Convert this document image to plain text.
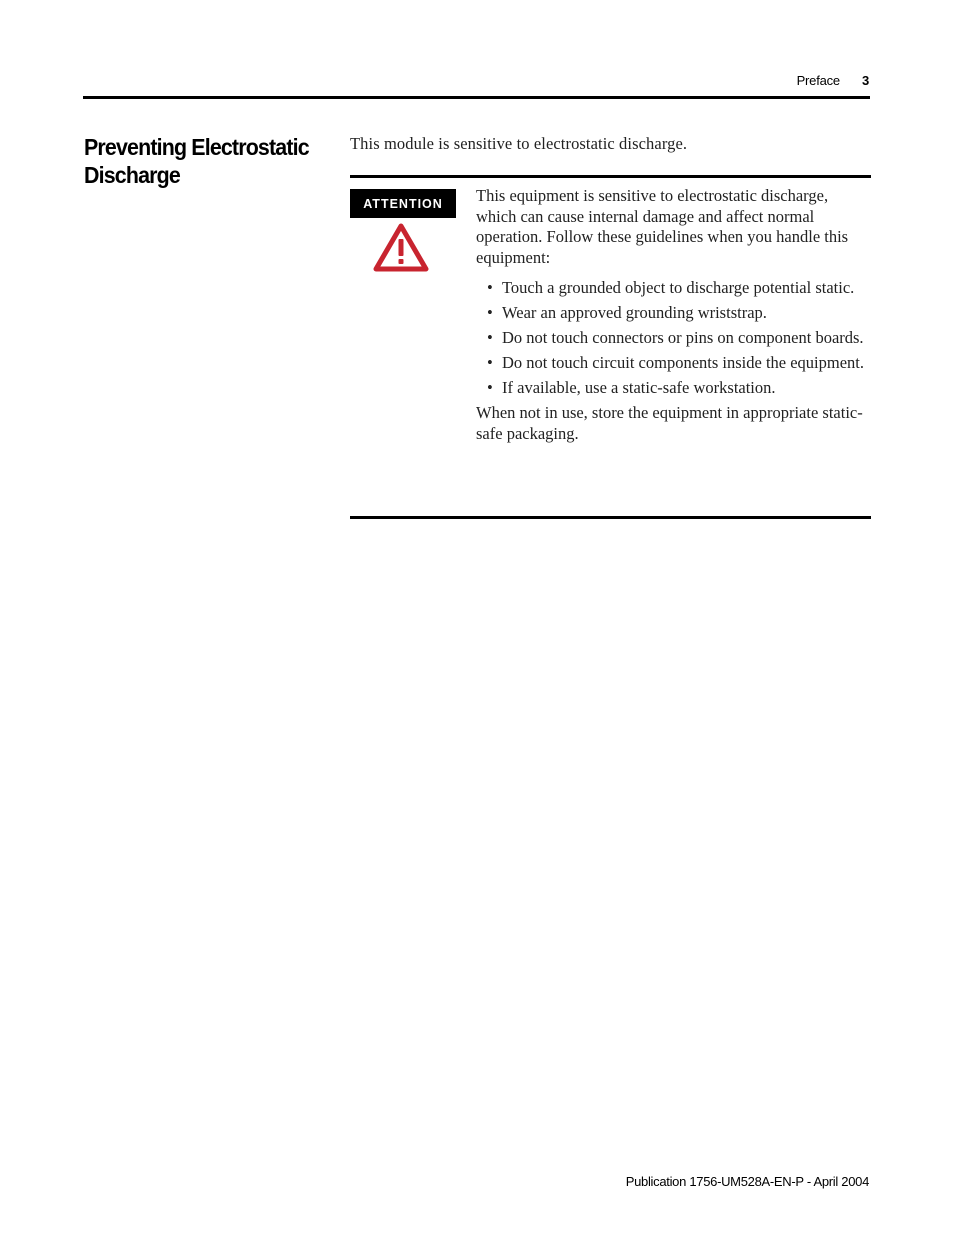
Preface 3
Preventing Electrostatic Discharge
This module is sensitive to electrostatic discharge.
ATTENTION	This equipment is sensitive to electrostatic discharge, which can cause internal damage and affect normal operation. Follow these guidelines when you handle this equipment:

• Touch a grounded object to discharge potential static.
• Wear an approved grounding wriststrap.
• Do not touch connectors or pins on component boards.
• Do not touch circuit components inside the equipment.
• If available, use a static-safe workstation.

When not in use, store the equipment in appropriate static-safe packaging.

Publication 1756-UM528A-EN-P - April 2004
